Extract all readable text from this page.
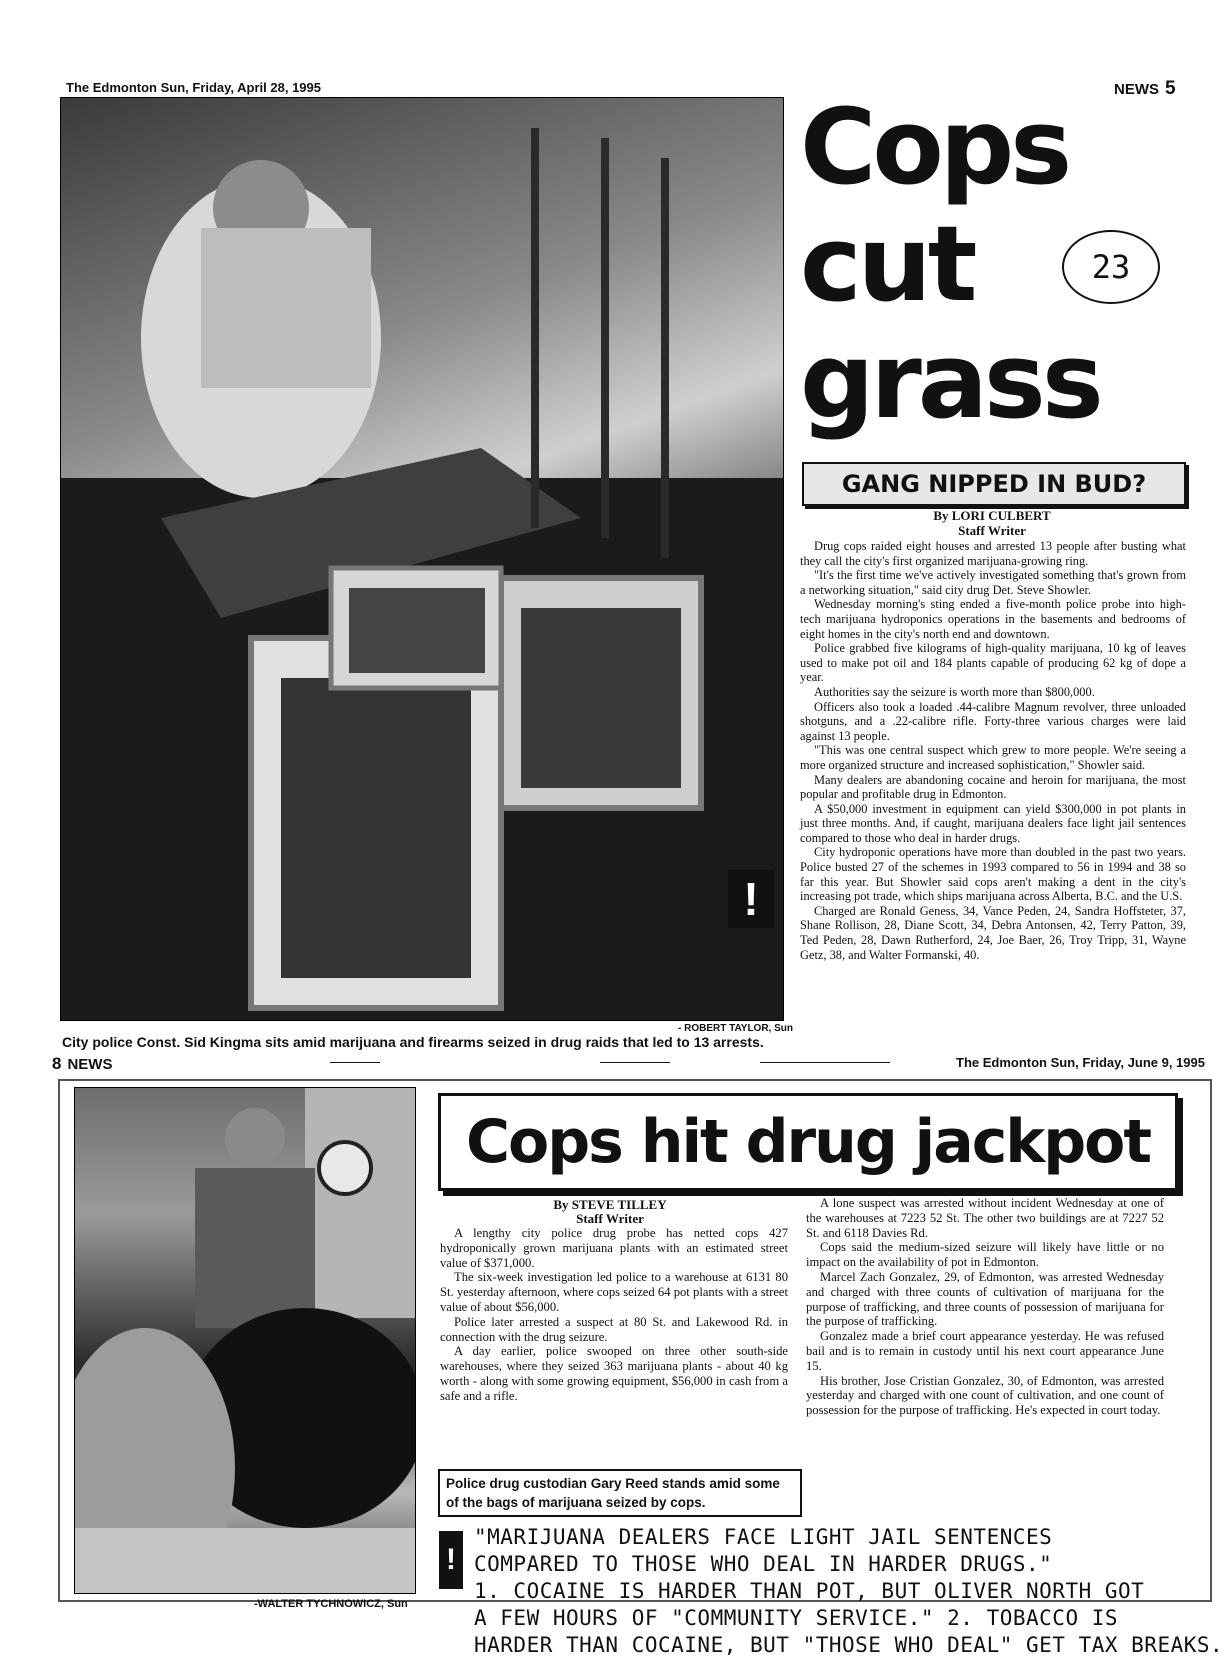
The Edmonton Sun, Friday, April 28, 1995	NEWS 5
!
- ROBERT TAYLOR, Sun
City police Const. Sid Kingma sits amid marijuana and firearms seized in drug raids that led to 13 arrests.
Cops
cut
grass
23
GANG NIPPED IN BUD?
By LORI CULBERT
Staff Writer

Drug cops raided eight houses and arrested 13 people after busting what they call the city's first organized marijuana-growing ring.

"It's the first time we've actively investigated something that's grown from a networking situation," said city drug Det. Steve Showler.

Wednesday morning's sting ended a five-month police probe into high-tech marijuana hydroponics operations in the basements and bedrooms of eight homes in the city's north end and downtown.

Police grabbed five kilograms of high-quality marijuana, 10 kg of leaves used to make pot oil and 184 plants capable of producing 62 kg of dope a year.

Authorities say the seizure is worth more than $800,000.

Officers also took a loaded .44-calibre Magnum revolver, three unloaded shotguns, and a .22-calibre rifle. Forty-three various charges were laid against 13 people.

"This was one central suspect which grew to more people. We're seeing a more organized structure and increased sophistication," Showler said.

Many dealers are abandoning cocaine and heroin for marijuana, the most popular and profitable drug in Edmonton.

A $50,000 investment in equipment can yield $300,000 in pot plants in just three months. And, if caught, marijuana dealers face light jail sentences compared to those who deal in harder drugs.

City hydroponic operations have more than doubled in the past two years. Police busted 27 of the schemes in 1993 compared to 56 in 1994 and 38 so far this year. But Showler said cops aren't making a dent in the city's increasing pot trade, which ships marijuana across Alberta, B.C. and the U.S.

Charged are Ronald Geness, 34, Vance Peden, 24, Sandra Hoffsteter, 37, Shane Rollison, 28, Diane Scott, 34, Debra Antonsen, 42, Terry Patton, 39, Ted Peden, 28, Dawn Rutherford, 24, Joe Baer, 26, Troy Tripp, 31, Wayne Getz, 38, and Walter Formanski, 40.

8 NEWS	The Edmonton Sun, Friday, June 9, 1995
Cops hit drug jackpot
By STEVE TILLEY
Staff Writer

A lengthy city police drug probe has netted cops 427 hydroponically grown marijuana plants with an estimated street value of $371,000.

The six-week investigation led police to a warehouse at 6131 80 St. yesterday afternoon, where cops seized 64 pot plants with a street value of about $56,000.

Police later arrested a suspect at 80 St. and Lakewood Rd. in connection with the drug seizure.

A day earlier, police swooped on three other south-side warehouses, where they seized 363 marijuana plants - about 40 kg worth - along with some growing equipment, $56,000 in cash from a safe and a rifle.

A lone suspect was arrested without incident Wednesday at one of the warehouses at 7223 52 St. The other two buildings are at 7227 52 St. and 6118 Davies Rd.

Cops said the medium-sized seizure will likely have little or no impact on the availability of pot in Edmonton.

Marcel Zach Gonzalez, 29, of Edmonton, was arrested Wednesday and charged with three counts of cultivation of marijuana for the purpose of trafficking, and three counts of possession of marijuana for the purpose of trafficking.

Gonzalez made a brief court appearance yesterday. He was refused bail and is to remain in custody until his next court appearance June 15.

His brother, Jose Cristian Gonzalez, 30, of Edmonton, was arrested yesterday and charged with one count of cultivation, and one count of possession for the purpose of trafficking. He's expected in court today.

Police drug custodian Gary Reed stands amid some of the bags of marijuana seized by cops.
-WALTER TYCHNOWICZ, Sun
!
"MARIJUANA DEALERS FACE LIGHT JAIL SENTENCES
COMPARED TO THOSE WHO DEAL IN HARDER DRUGS."
1. COCAINE IS HARDER THAN POT, BUT OLIVER NORTH GOT
A FEW HOURS OF "COMMUNITY SERVICE." 2. TOBACCO IS
HARDER THAN COCAINE, BUT "THOSE WHO DEAL" GET TAX BREAKS.
